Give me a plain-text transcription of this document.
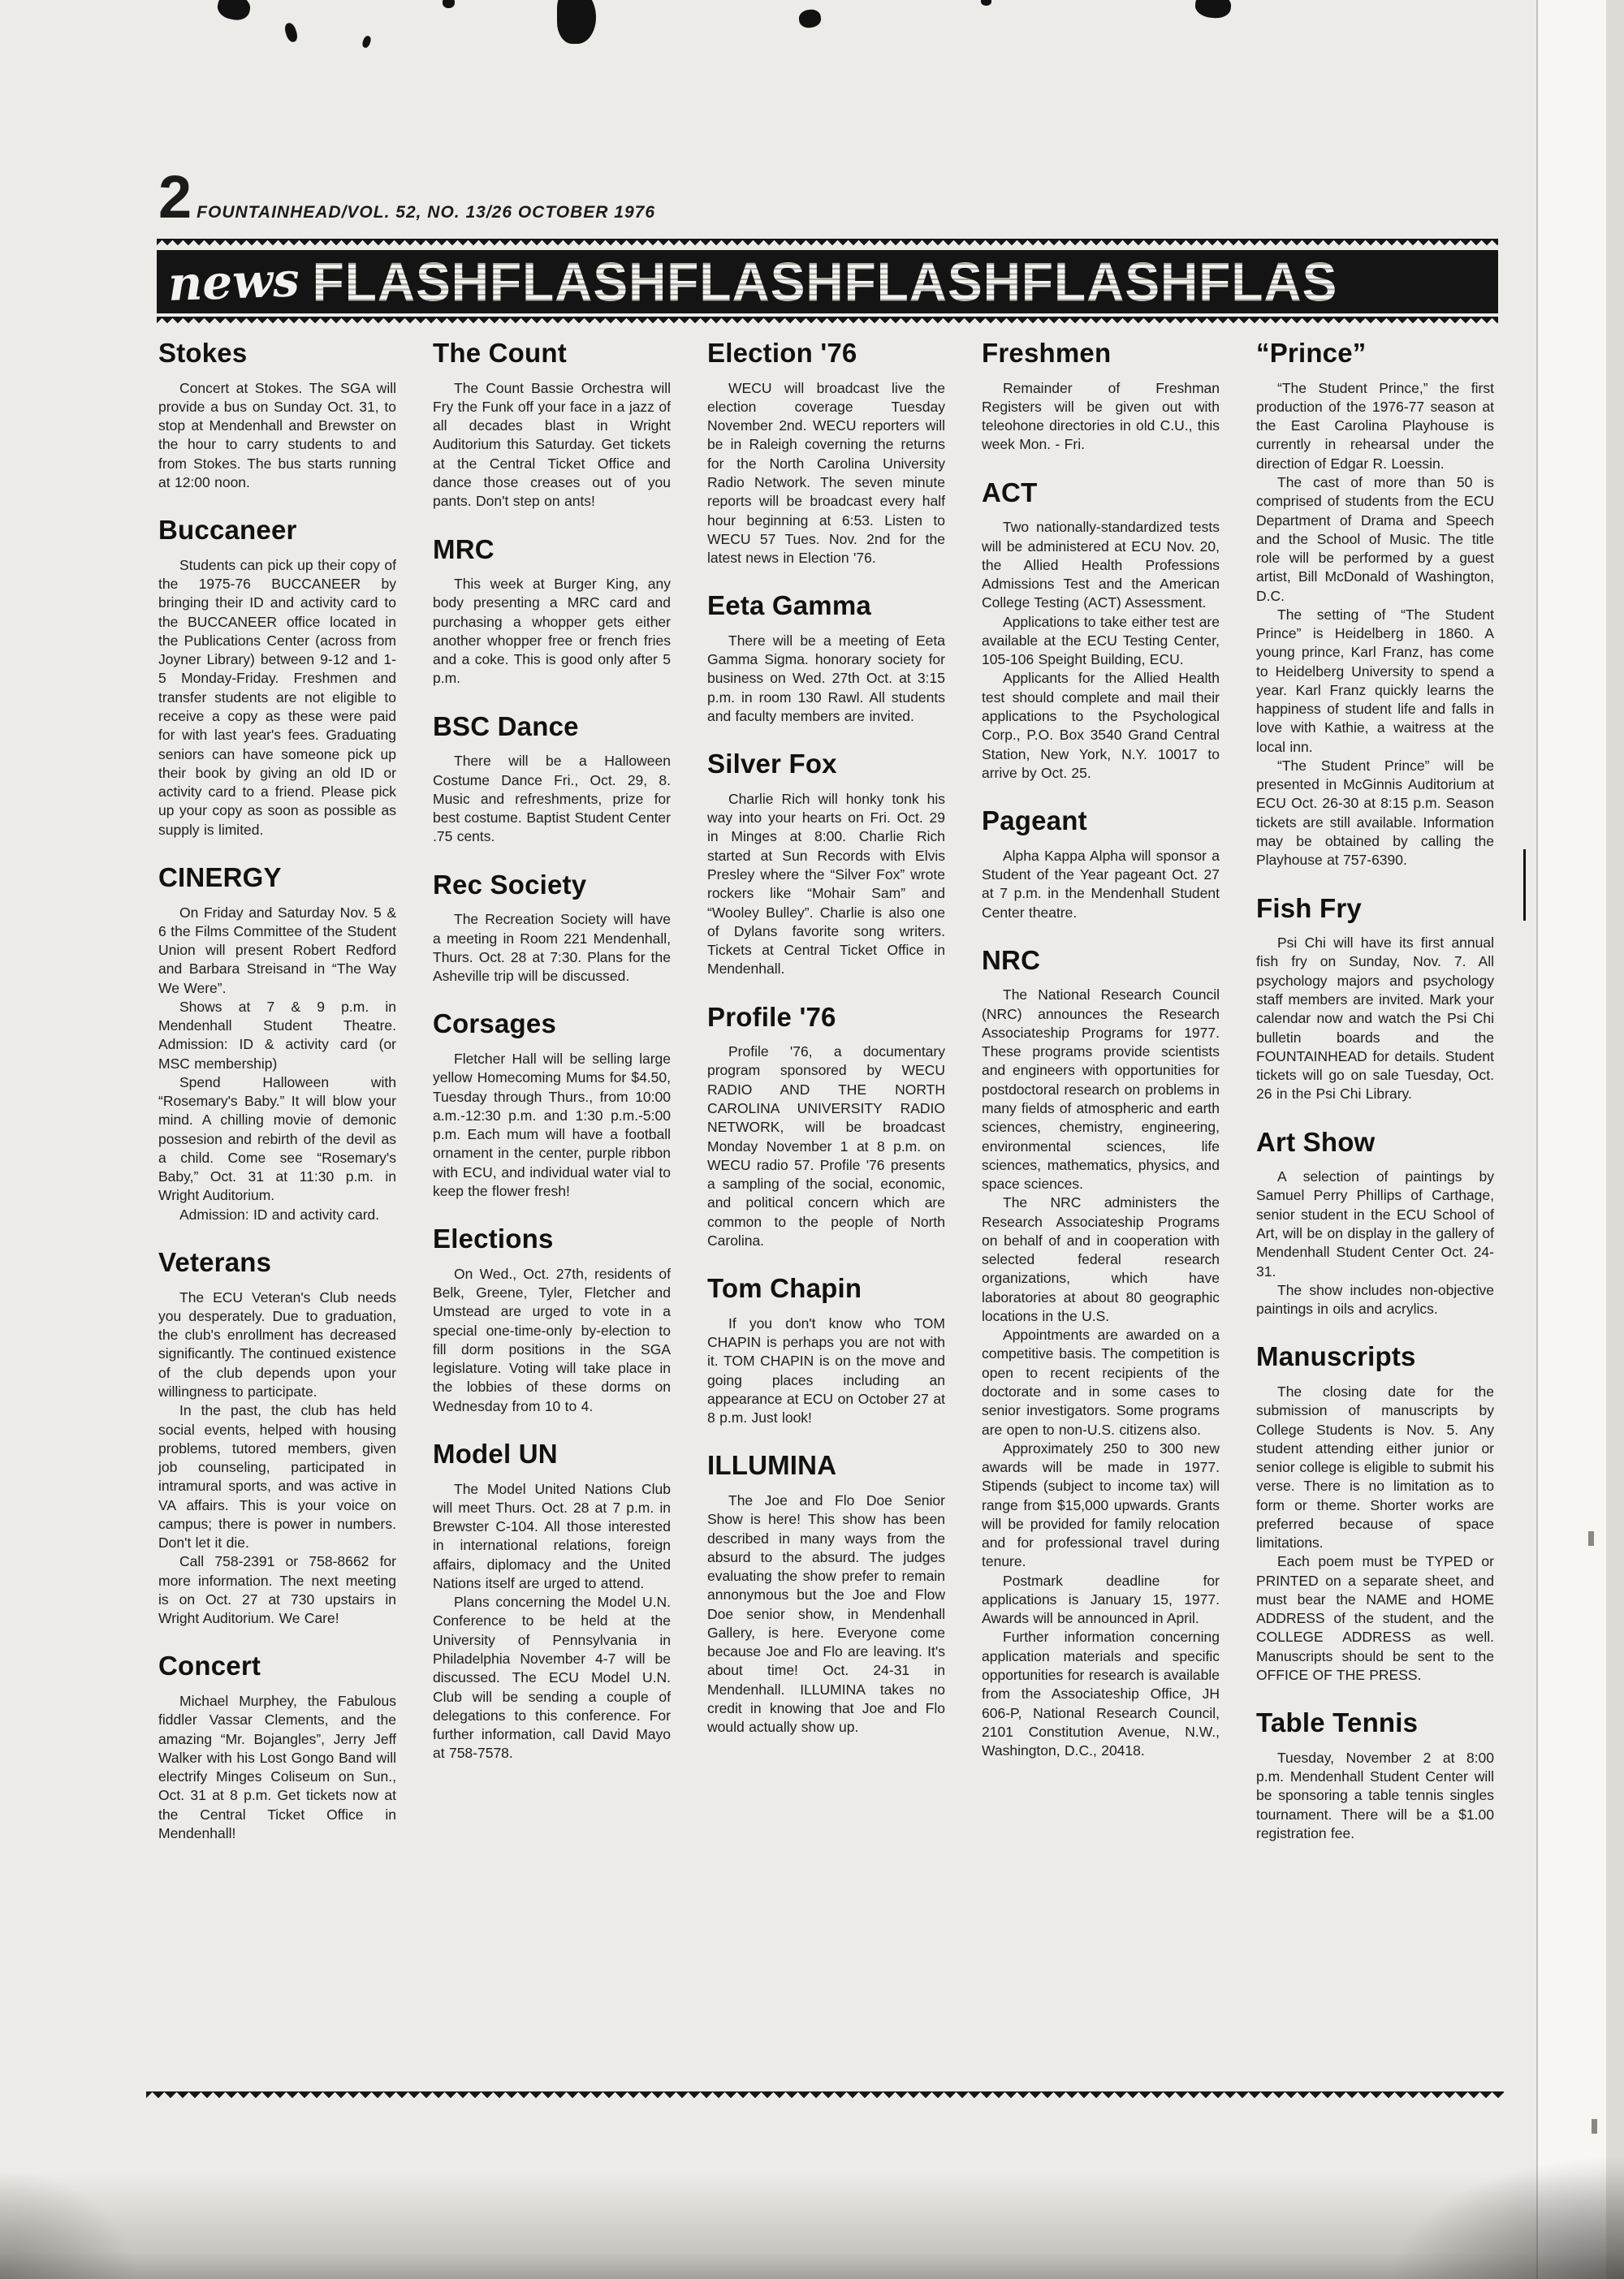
2 FOUNTAINHEAD/VOL. 52, NO. 13/26 OCTOBER 1976
news FLASHFLASHFLASHFLASHFLASHFLAS
Stokes

Concert at Stokes. The SGA will provide a bus on Sunday Oct. 31, to stop at Mendenhall and Brewster on the hour to carry students to and from Stokes. The bus starts running at 12:00 noon.

Buccaneer

Students can pick up their copy of the 1975-76 BUCCANEER by bringing their ID and activity card to the BUCCANEER office located in the Publications Center (across from Joyner Library) between 9-12 and 1-5 Monday-Friday. Freshmen and transfer students are not eligible to receive a copy as these were paid for with last year's fees. Graduating seniors can have someone pick up their book by giving an old ID or activity card to a friend. Please pick up your copy as soon as possible as supply is limited.

CINERGY

On Friday and Saturday Nov. 5 & 6 the Films Committee of the Student Union will present Robert Redford and Barbara Streisand in “The Way We Were”.

Shows at 7 & 9 p.m. in Mendenhall Student Theatre. Admission: ID & activity card (or MSC membership)

Spend Halloween with “Rosemary's Baby.” It will blow your mind. A chilling movie of demonic possesion and rebirth of the devil as a child. Come see “Rosemary's Baby,” Oct. 31 at 11:30 p.m. in Wright Auditorium.

Admission: ID and activity card.

Veterans

The ECU Veteran's Club needs you desperately. Due to graduation, the club's enrollment has decreased significantly. The continued existence of the club depends upon your willingness to participate.

In the past, the club has held social events, helped with housing problems, tutored members, given job counseling, participated in intramural sports, and was active in VA affairs. This is your voice on campus; there is power in numbers. Don't let it die.

Call 758-2391 or 758-8662 for more information. The next meeting is on Oct. 27 at 730 upstairs in Wright Auditorium. We Care!

Concert

Michael Murphey, the Fabulous fiddler Vassar Clements, and the amazing “Mr. Bojangles”, Jerry Jeff Walker with his Lost Gongo Band will electrify Minges Coliseum on Sun., Oct. 31 at 8 p.m. Get tickets now at the Central Ticket Office in Mendenhall!

The Count

The Count Bassie Orchestra will Fry the Funk off your face in a jazz of all decades blast in Wright Auditorium this Saturday. Get tickets at the Central Ticket Office and dance those creases out of you pants. Don't step on ants!

MRC

This week at Burger King, any body presenting a MRC card and purchasing a whopper gets either another whopper free or french fries and a coke. This is good only after 5 p.m.

BSC Dance

There will be a Halloween Costume Dance Fri., Oct. 29, 8. Music and refreshments, prize for best costume. Baptist Student Center .75 cents.

Rec Society

The Recreation Society will have a meeting in Room 221 Mendenhall, Thurs. Oct. 28 at 7:30. Plans for the Asheville trip will be discussed.

Corsages

Fletcher Hall will be selling large yellow Homecoming Mums for $4.50, Tuesday through Thurs., from 10:00 a.m.-12:30 p.m. and 1:30 p.m.-5:00 p.m. Each mum will have a football ornament in the center, purple ribbon with ECU, and individual water vial to keep the flower fresh!

Elections

On Wed., Oct. 27th, residents of Belk, Greene, Tyler, Fletcher and Umstead are urged to vote in a special one-time-only by-election to fill dorm positions in the SGA legislature. Voting will take place in the lobbies of these dorms on Wednesday from 10 to 4.

Model UN

The Model United Nations Club will meet Thurs. Oct. 28 at 7 p.m. in Brewster C-104. All those interested in international relations, foreign affairs, diplomacy and the United Nations itself are urged to attend.

Plans concerning the Model U.N. Conference to be held at the University of Pennsylvania in Philadelphia November 4-7 will be discussed. The ECU Model U.N. Club will be sending a couple of delegations to this conference. For further information, call David Mayo at 758-7578.

Election '76

WECU will broadcast live the election coverage Tuesday November 2nd. WECU reporters will be in Raleigh coverning the returns for the North Carolina University Radio Network. The seven minute reports will be broadcast every half hour beginning at 6:53. Listen to WECU 57 Tues. Nov. 2nd for the latest news in Election '76.

Eeta Gamma

There will be a meeting of Eeta Gamma Sigma. honorary society for business on Wed. 27th Oct. at 3:15 p.m. in room 130 Rawl. All students and faculty members are invited.

Silver Fox

Charlie Rich will honky tonk his way into your hearts on Fri. Oct. 29 in Minges at 8:00. Charlie Rich started at Sun Records with Elvis Presley where the “Silver Fox” wrote rockers like “Mohair Sam” and “Wooley Bulley”. Charlie is also one of Dylans favorite song writers. Tickets at Central Ticket Office in Mendenhall.

Profile '76

Profile '76, a documentary program sponsored by WECU RADIO AND THE NORTH CAROLINA UNIVERSITY RADIO NETWORK, will be broadcast Monday November 1 at 8 p.m. on WECU radio 57. Profile '76 presents a sampling of the social, economic, and political concern which are common to the people of North Carolina.

Tom Chapin

If you don't know who TOM CHAPIN is perhaps you are not with it. TOM CHAPIN is on the move and going places including an appearance at ECU on October 27 at 8 p.m. Just look!

ILLUMINA

The Joe and Flo Doe Senior Show is here! This show has been described in many ways from the absurd to the absurd. The judges evaluating the show prefer to remain annonymous but the Joe and Flow Doe senior show, in Mendenhall Gallery, is here. Everyone come because Joe and Flo are leaving. It's about time! Oct. 24-31 in Mendenhall. ILLUMINA takes no credit in knowing that Joe and Flo would actually show up.

Freshmen

Remainder of Freshman Registers will be given out with teleohone directories in old C.U., this week Mon. - Fri.

ACT

Two nationally-standardized tests will be administered at ECU Nov. 20, the Allied Health Professions Admissions Test and the American College Testing (ACT) Assessment.

Applications to take either test are available at the ECU Testing Center, 105-106 Speight Building, ECU.

Applicants for the Allied Health test should complete and mail their applications to the Psychological Corp., P.O. Box 3540 Grand Central Station, New York, N.Y. 10017 to arrive by Oct. 25.

Pageant

Alpha Kappa Alpha will sponsor a Student of the Year pageant Oct. 27 at 7 p.m. in the Mendenhall Student Center theatre.

NRC

The National Research Council (NRC) announces the Research Associateship Programs for 1977. These programs provide scientists and engineers with opportunities for postdoctoral research on problems in many fields of atmospheric and earth sciences, chemistry, engineering, environmental sciences, life sciences, mathematics, physics, and space sciences.

The NRC administers the Research Associateship Programs on behalf of and in cooperation with selected federal research organizations, which have laboratories at about 80 geographic locations in the U.S.

Appointments are awarded on a competitive basis. The competition is open to recent recipients of the doctorate and in some cases to senior investigators. Some programs are open to non-U.S. citizens also.

Approximately 250 to 300 new awards will be made in 1977. Stipends (subject to income tax) will range from $15,000 upwards. Grants will be provided for family relocation and for professional travel during tenure.

Postmark deadline for applications is January 15, 1977. Awards will be announced in April.

Further information concerning application materials and specific opportunities for research is available from the Associateship Office, JH 606-P, National Research Council, 2101 Constitution Avenue, N.W., Washington, D.C., 20418.

“Prince”

“The Student Prince,” the first production of the 1976-77 season at the East Carolina Playhouse is currently in rehearsal under the direction of Edgar R. Loessin.

The cast of more than 50 is comprised of students from the ECU Department of Drama and Speech and the School of Music. The title role will be performed by a guest artist, Bill McDonald of Washington, D.C.

The setting of “The Student Prince” is Heidelberg in 1860. A young prince, Karl Franz, has come to Heidelberg University to spend a year. Karl Franz quickly learns the happiness of student life and falls in love with Kathie, a waitress at the local inn.

“The Student Prince” will be presented in McGinnis Auditorium at ECU Oct. 26-30 at 8:15 p.m. Season tickets are still available. Information may be obtained by calling the Playhouse at 757-6390.

Fish Fry

Psi Chi will have its first annual fish fry on Sunday, Nov. 7. All psychology majors and psychology staff members are invited. Mark your calendar now and watch the Psi Chi bulletin boards and the FOUNTAINHEAD for details. Student tickets will go on sale Tuesday, Oct. 26 in the Psi Chi Library.

Art Show

A selection of paintings by Samuel Perry Phillips of Carthage, senior student in the ECU School of Art, will be on display in the gallery of Mendenhall Student Center Oct. 24-31.

The show includes non-objective paintings in oils and acrylics.

Manuscripts

The closing date for the submission of manuscripts by College Students is Nov. 5. Any student attending either junior or senior college is eligible to submit his verse. There is no limitation as to form or theme. Shorter works are preferred because of space limitations.

Each poem must be TYPED or PRINTED on a separate sheet, and must bear the NAME and HOME ADDRESS of the student, and the COLLEGE ADDRESS as well. Manuscripts should be sent to the OFFICE OF THE PRESS.

Table Tennis

Tuesday, November 2 at 8:00 p.m. Mendenhall Student Center will be sponsoring a table tennis singles tournament. There will be a $1.00 registration fee.
